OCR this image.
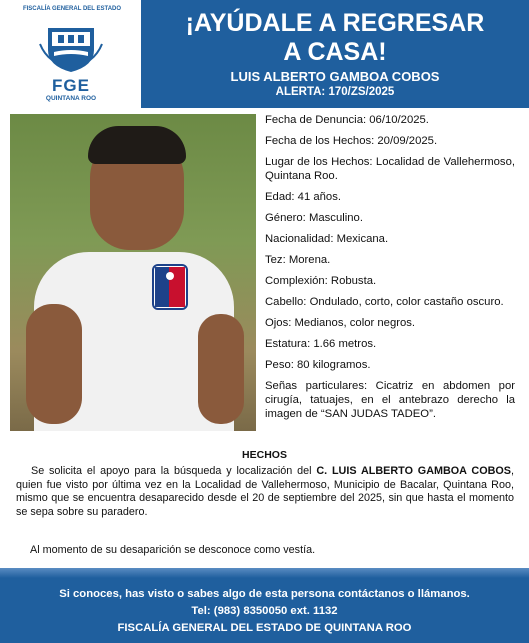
FISCALÍA GENERAL DEL ESTADO
FGE
QUINTANA ROO
¡AYÚDALE A REGRESAR
A CASA!
LUIS ALBERTO GAMBOA COBOS
ALERTA: 170/ZS/2025

Fecha de Denuncia: 06/10/2025.

Fecha de los Hechos: 20/09/2025.

Lugar de los Hechos: Localidad de Vallehermoso, Quintana Roo.

Edad: 41 años.

Género: Masculino.

Nacionalidad: Mexicana.

Tez: Morena.

Complexión: Robusta.

Cabello: Ondulado, corto, color castaño oscuro.

Ojos: Medianos, color negros.

Estatura: 1.66 metros.

Peso: 80 kilogramos.

Señas particulares: Cicatriz en abdomen por cirugía, tatuajes, en el antebrazo derecho la imagen de “SAN JUDAS TADEO”.

HECHOS
Se solicita el apoyo para la búsqueda y localización del C. LUIS ALBERTO GAMBOA COBOS, quien fue visto por última vez en la Localidad de Vallehermoso, Municipio de Bacalar, Quintana Roo, mismo que se encuentra desaparecido desde el 20 de septiembre del 2025, sin que hasta el momento se sepa sobre su paradero.
Al momento de su desaparición se desconoce como vestía.
Si conoces, has visto o sabes algo de esta persona contáctanos o llámanos.
Tel: (983) 8350050 ext. 1132
FISCALÍA GENERAL DEL ESTADO DE QUINTANA ROO
